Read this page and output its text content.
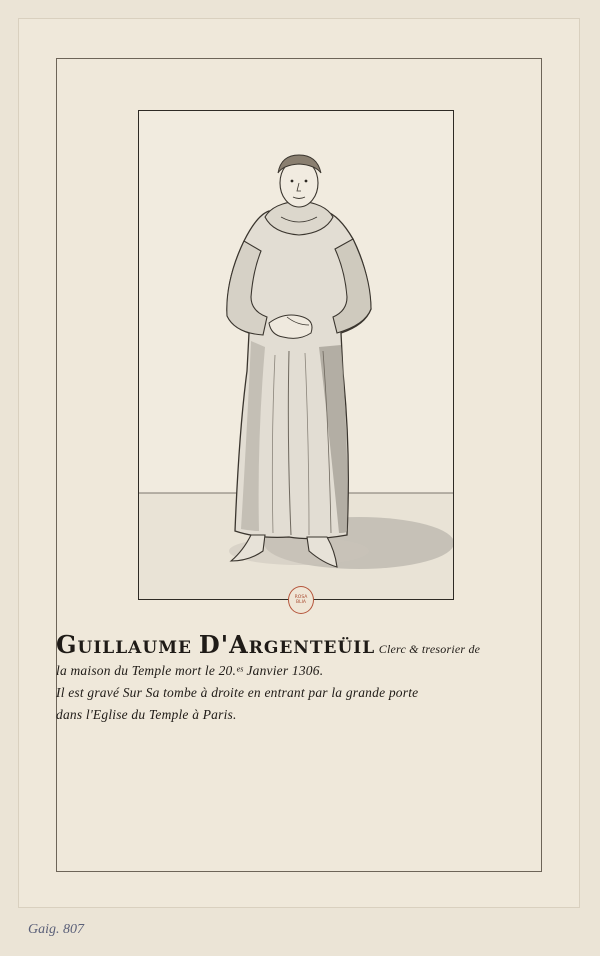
ROSA
BLIA
GUILLAUME D'ARGENTEÜIL Clerc & tresorier de
la maison du Temple mort le 20.ᵉˢ Janvier 1306.
Il est gravé Sur Sa tombe à droite en entrant par la grande porte
dans l'Eglise du Temple à Paris.
Gaig. 807
